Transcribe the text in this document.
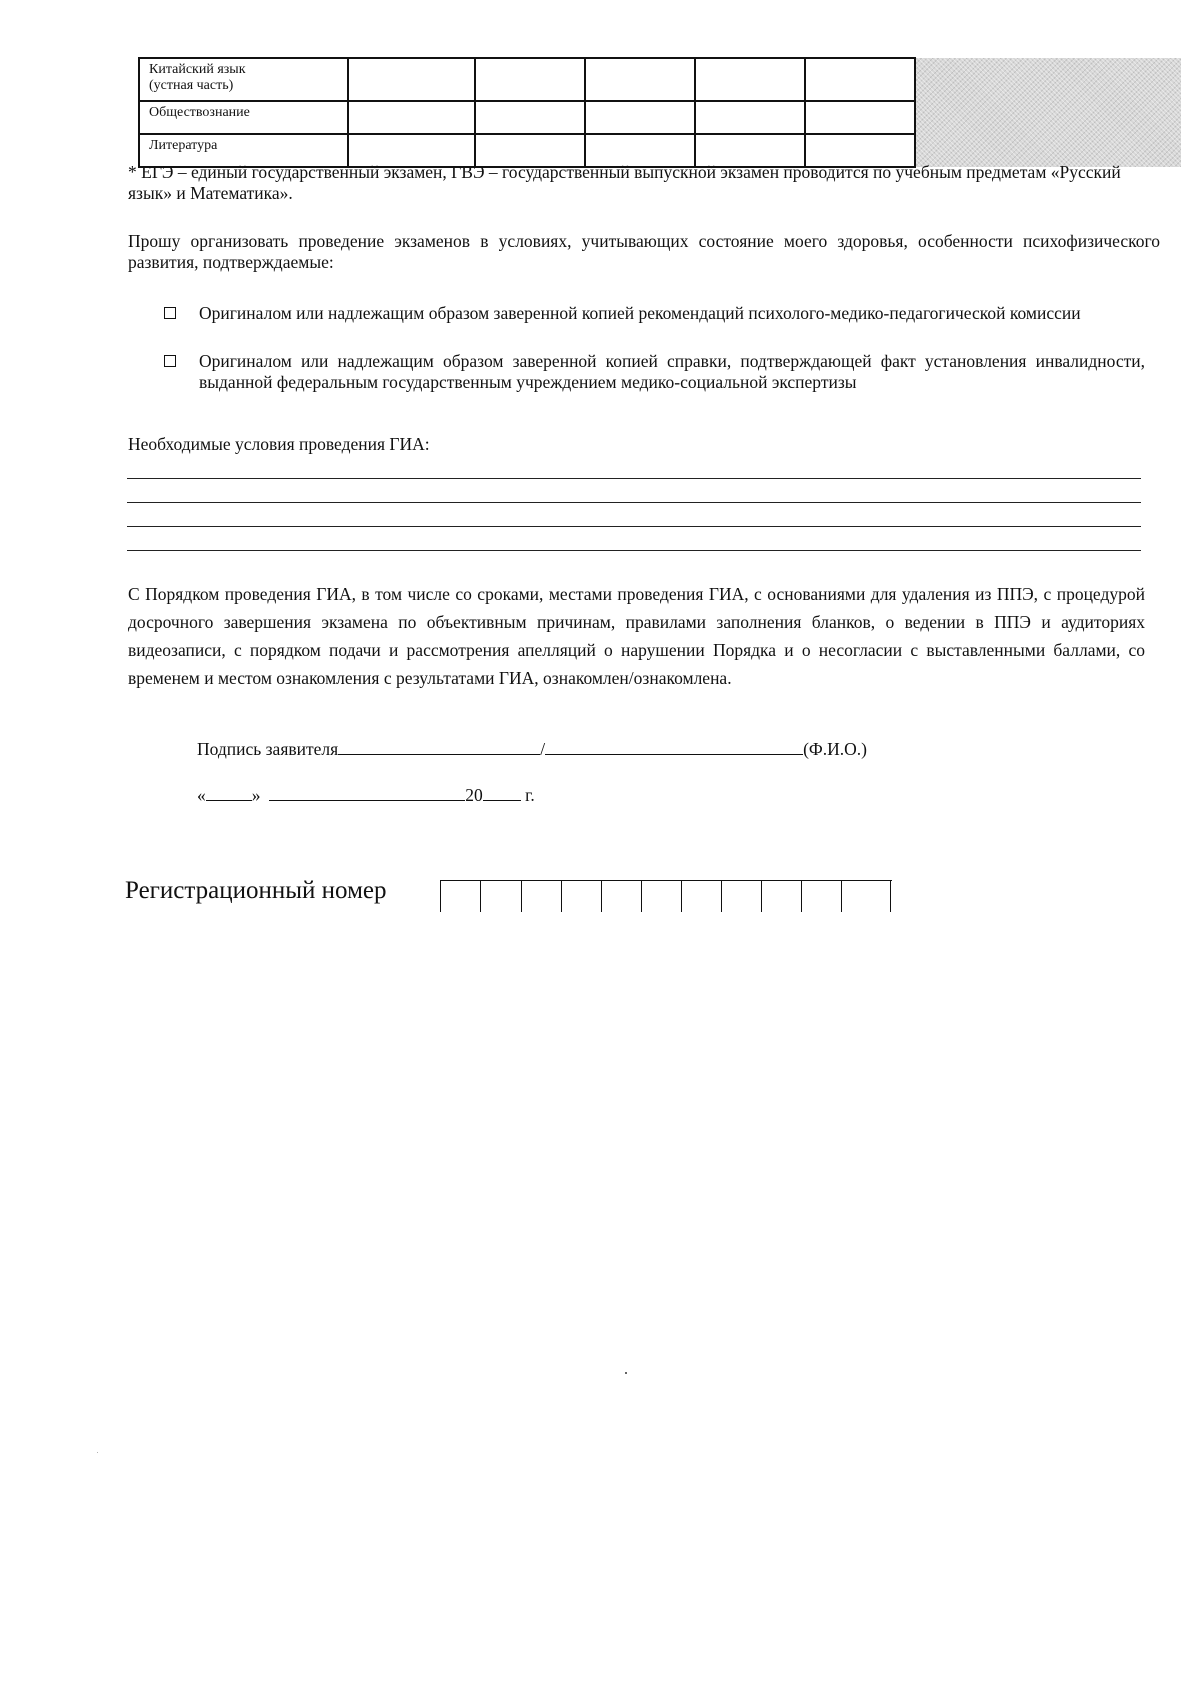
Китайский язык
(устная часть)						

Обществознание						

Литература						

* ЕГЭ – единый государственный экзамен, ГВЭ – государственный выпускной экзамен проводится по учебным предметам «Русский язык» и Математика».
Прошу организовать проведение экзаменов в условиях, учитывающих состояние моего здоровья, особенности психофизического развития, подтверждаемые:
Оригиналом или надлежащим образом заверенной копией рекомендаций психолого-медико-педагогической комиссии
Оригиналом или надлежащим образом заверенной копией справки, подтверждающей факт установления инвалидности, выданной федеральным государственным учреждением медико-социальной экспертизы
Необходимые условия проведения ГИА:
С Порядком проведения ГИА, в том числе со сроками, местами проведения ГИА, с основаниями для удаления из ППЭ, с процедурой досрочного завершения экзамена по объективным причинам, правилами заполнения бланков, о ведении в ППЭ и аудиториях видеозаписи, с порядком подачи и рассмотрения апелляций о нарушении Порядка и о несогласии с выставленными баллами, со временем и местом ознакомления с результатами ГИА, ознакомлен/ознакомлена.
Подпись заявителя	/	(Ф.И.О.)
«	»	20 г.
Регистрационный номер
